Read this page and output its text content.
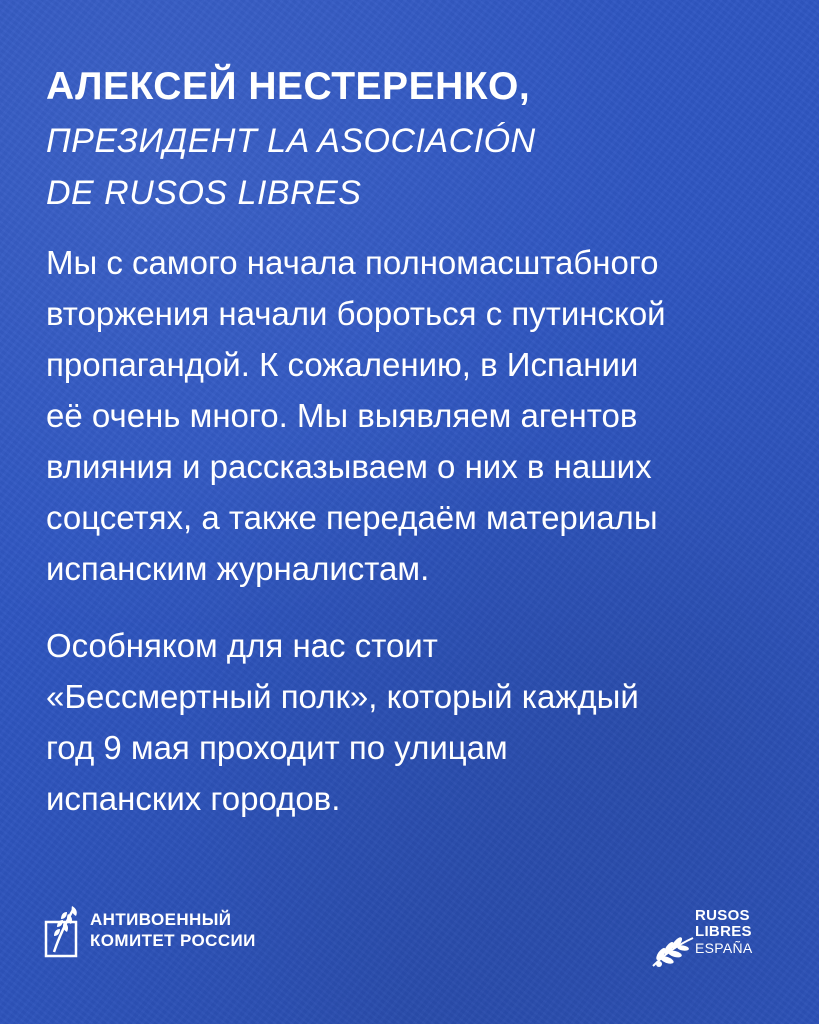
АЛЕКСЕЙ НЕСТЕРЕНКО,
ПРЕЗИДЕНТ LA ASOCIACIÓN
DE RUSOS LIBRES

Мы с самого начала полномасштабного
вторжения начали бороться с путинской
пропагандой. К сожалению, в Испании
её очень много. Мы выявляем агентов
влияния и рассказываем о них в наших
соцсетях, а также передаём материалы
испанским журналистам.

Особняком для нас стоит
«Бессмертный полк», который каждый
год 9 мая проходит по улицам
испанских городов.

АНТИВОЕННЫЙ
КОМИТЕТ РОССИИ
RUSOS
LIBRES
ESPAÑA
